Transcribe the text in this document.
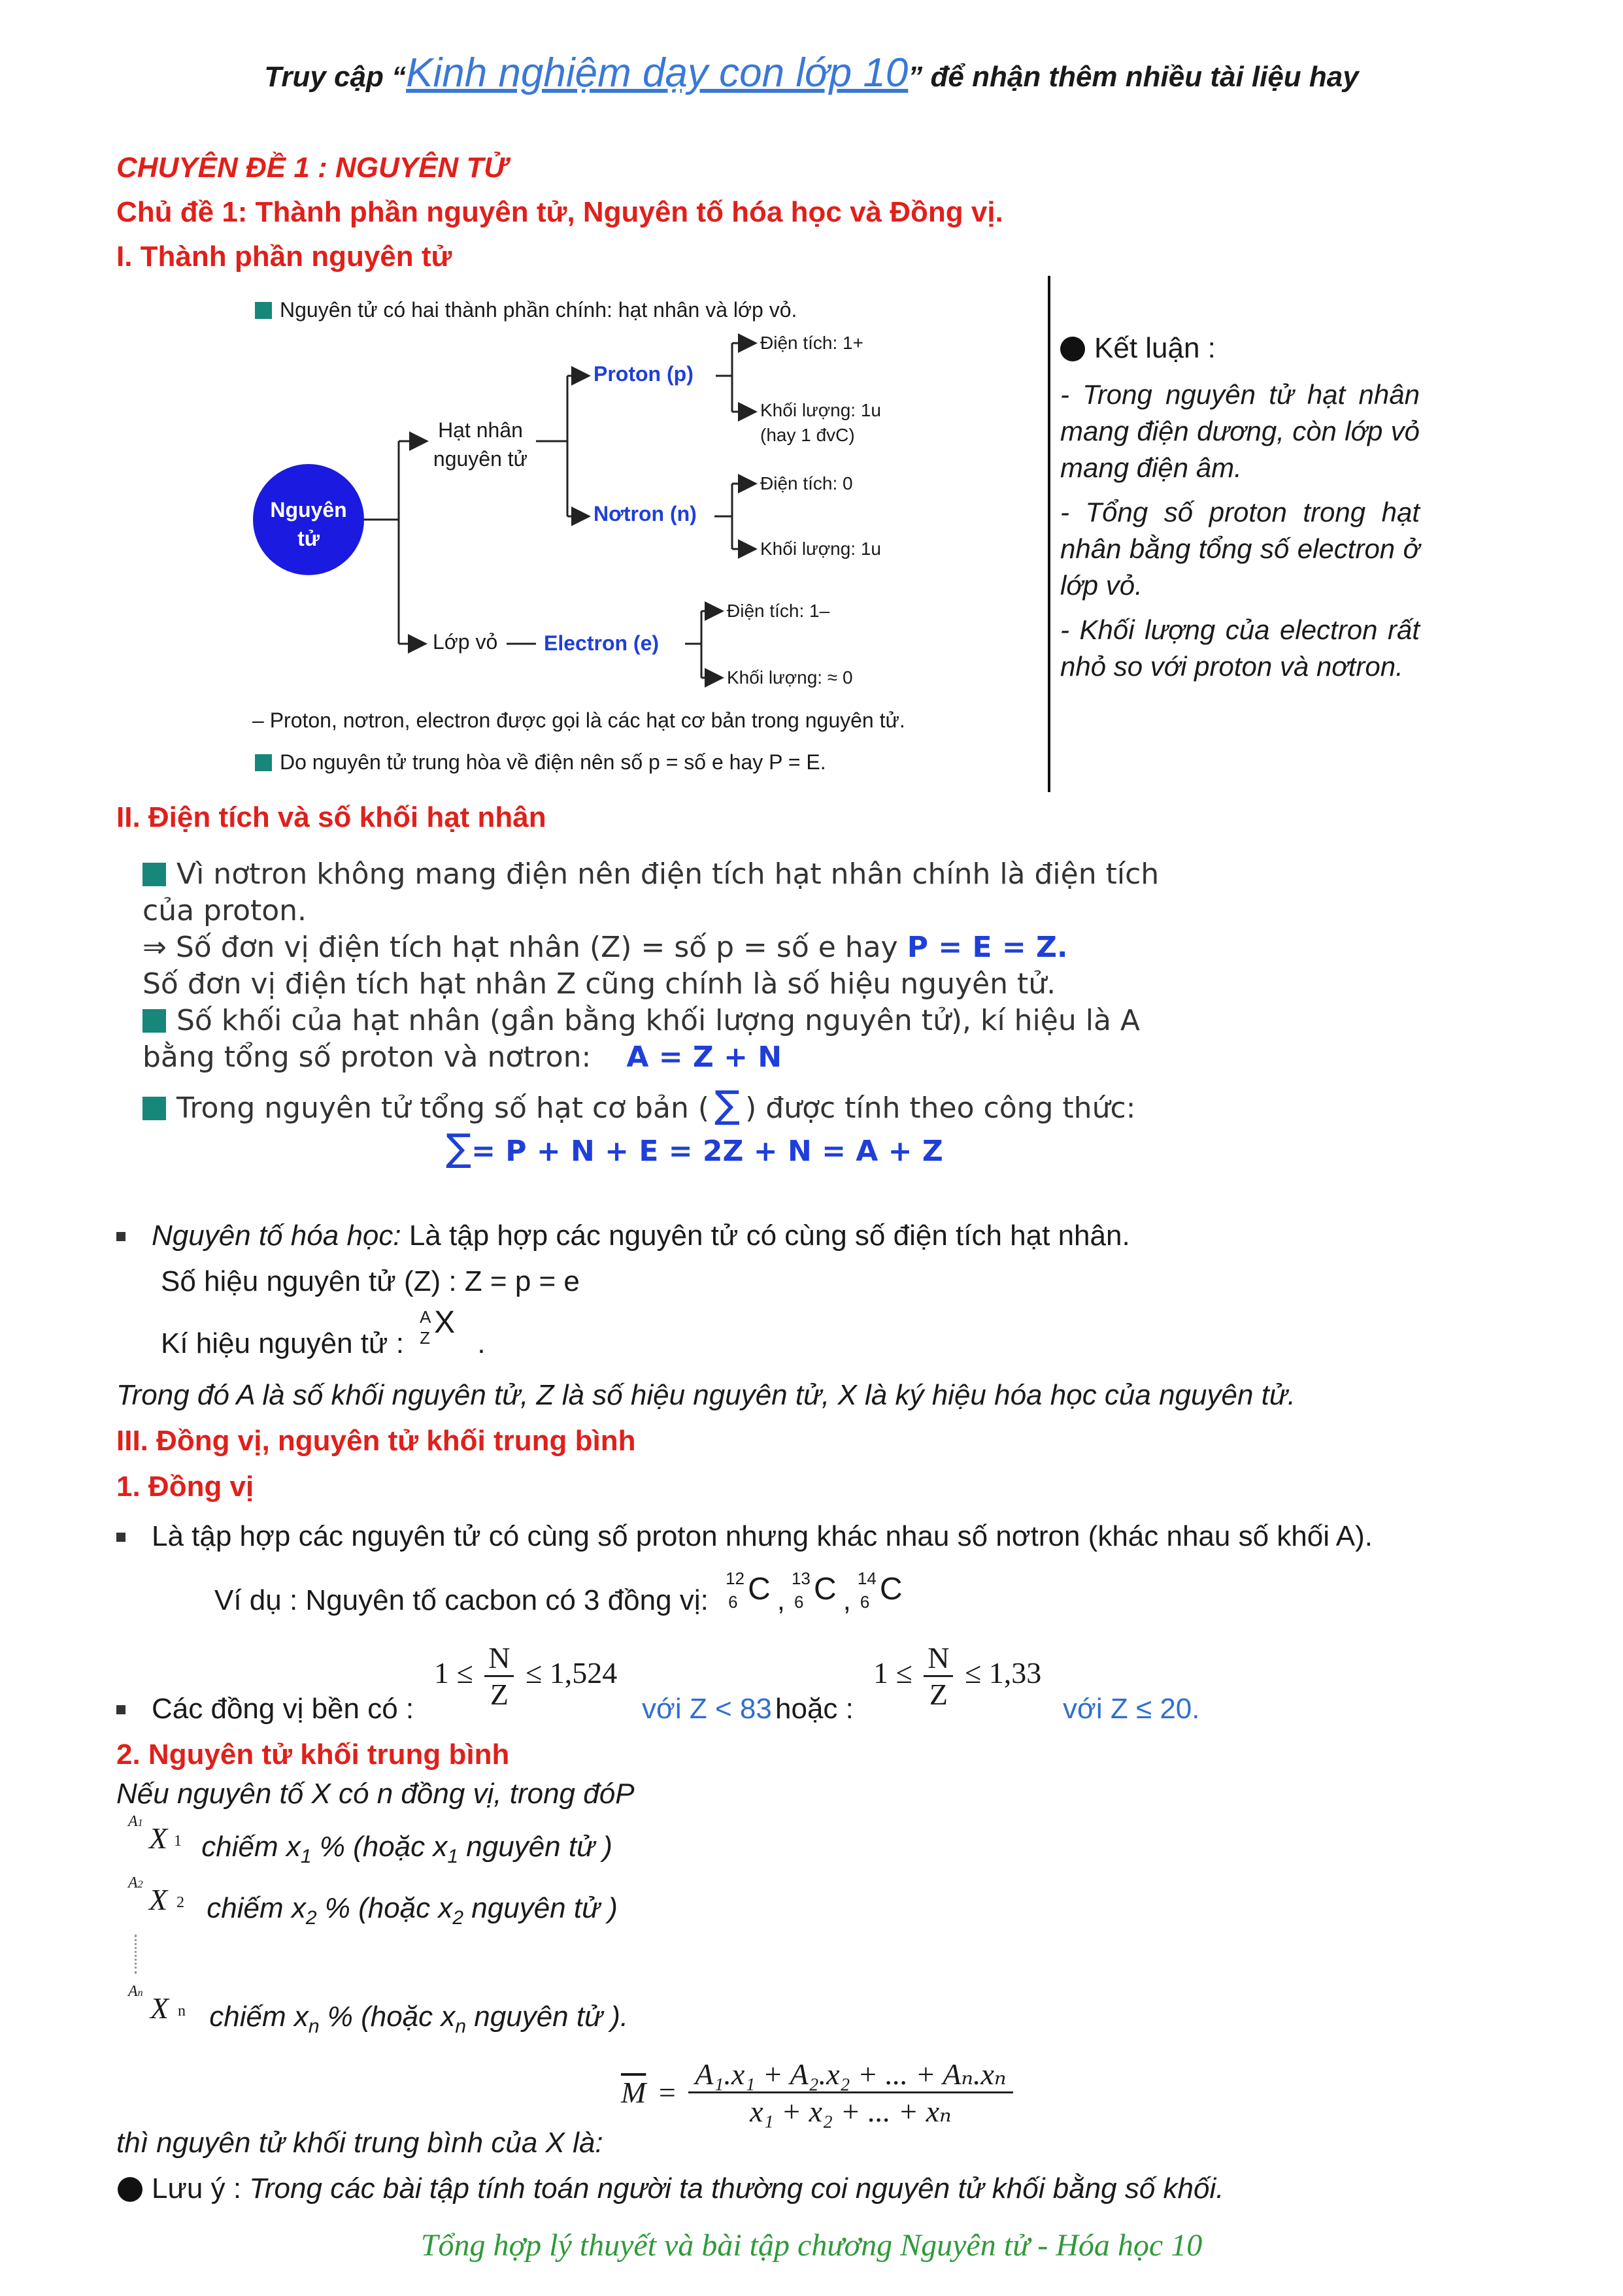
Truy cập “Kinh nghiệm dạy con lớp 10” để nhận thêm nhiều tài liệu hay
CHUYÊN ĐỀ 1 : NGUYÊN TỬ
Chủ đề 1: Thành phần nguyên tử, Nguyên tố hóa học và Đồng vị.
I. Thành phần nguyên tử
Nguyên tử có hai thành phần chính: hạt nhân và lớp vỏ.
Nguyên
tử
Hạt nhân
nguyên tử
Proton (p)
Điện tích: 1+
Khối lượng: 1u
(hay 1 đvC)
Nơtron (n)
Điện tích: 0
Khối lượng: 1u
Lớp vỏ Electron (e)
Điện tích: 1–
Khối lượng: ≈ 0
– Proton, nơtron, electron được gọi là các hạt cơ bản trong nguyên tử.
Do nguyên tử trung hòa về điện nên số p = số e hay P = E.
Kết luận :
- Trong nguyên tử hạt nhân mang điện dương, còn lớp vỏ mang điện âm.
- Tổng số proton trong hạt nhân bằng tổng số electron ở lớp vỏ.
- Khối lượng của electron rất nhỏ so với proton và nơtron.
II. Điện tích và số khối hạt nhân
Vì nơtron không mang điện nên điện tích hạt nhân chính là điện tích
của proton.
⇒ Số đơn vị điện tích hạt nhân (Z) = số p = số e hay P = E = Z.
Số đơn vị điện tích hạt nhân Z cũng chính là số hiệu nguyên tử.
Số khối của hạt nhân (gần bằng khối lượng nguyên tử), kí hiệu là A
bằng tổng số proton và nơtron: A = Z + N
Trong nguyên tử tổng số hạt cơ bản ( ∑ ) được tính theo công thức:
∑= P + N + E = 2Z + N = A + Z
Nguyên tố hóa học: Là tập hợp các nguyên tử có cùng số điện tích hạt nhân.
Số hiệu nguyên tử (Z) : Z = p = e
Kí hiệu nguyên tử :
A
Z X
.
Trong đó A là số khối nguyên tử, Z là số hiệu nguyên tử, X là ký hiệu hóa học của nguyên tử.
III. Đồng vị, nguyên tử khối trung bình
1. Đồng vị
Là tập hợp các nguyên tử có cùng số proton nhưng khác nhau số nơtron (khác nhau số khối A).
Ví dụ : Nguyên tố cacbon có 3 đồng vị:
12
6 C ,
13
6 C ,
14
6 C
Các đồng vị bền có :
$1 \le \frac{N}{Z} \le 1,524$
với Z < 83 hoặc :
$1 \le \frac{N}{Z} \le 1,33$
với Z ≤ 20.
2. Nguyên tử khối trung bình
Nếu nguyên tố X có n đồng vị, trong đóP
A1 X 1 chiếm $x_1$ % (hoặc $x_1$ nguyên tử )
A2 X 2 chiếm $x_2$ % (hoặc $x_2$ nguyên tử )
An X n chiếm $x_n$ % (hoặc $x_n$ nguyên tử ).
$\overline{M} = \frac{\text{A₁.x₁ + A₂.x₂ + ... + Aₙ.xₙ}}{\text{x₁ + x₂ + ... + xₙ}}$
thì nguyên tử khối trung bình của X là:
Lưu ý : Trong các bài tập tính toán người ta thường coi nguyên tử khối bằng số khối.
Tổng hợp lý thuyết và bài tập chương Nguyên tử - Hóa học 10
